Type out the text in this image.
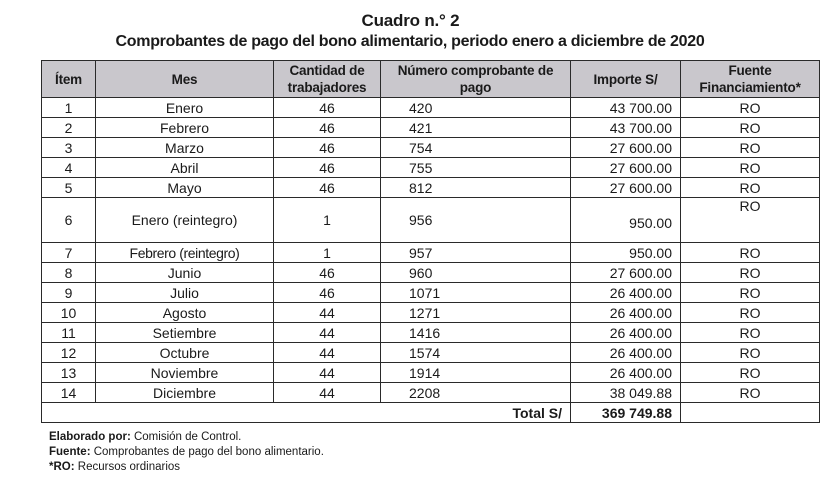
Cuadro n.° 2
Comprobantes de pago del bono alimentario, periodo enero a diciembre de 2020
Ítem	Mes	Cantidad de trabajadores	Número comprobante de pago	Importe S/	Fuente Financiamiento*
1	Enero	46	420	43 700.00	RO
2	Febrero	46	421	43 700.00	RO
3	Marzo	46	754	27 600.00	RO
4	Abril	46	755	27 600.00	RO
5	Mayo	46	812	27 600.00	RO
6	Enero (reintegro)	1	956	950.00	RO
7	Febrero (reintegro)	1	957	950.00	RO
8	Junio	46	960	27 600.00	RO
9	Julio	46	1071	26 400.00	RO
10	Agosto	44	1271	26 400.00	RO
11	Setiembre	44	1416	26 400.00	RO
12	Octubre	44	1574	26 400.00	RO
13	Noviembre	44	1914	26 400.00	RO
14	Diciembre	44	2208	38 049.88	RO
Total S/				369 749.88	
Elaborado por: Comisión de Control.
Fuente: Comprobantes de pago del bono alimentario.
*RO: Recursos ordinarios
